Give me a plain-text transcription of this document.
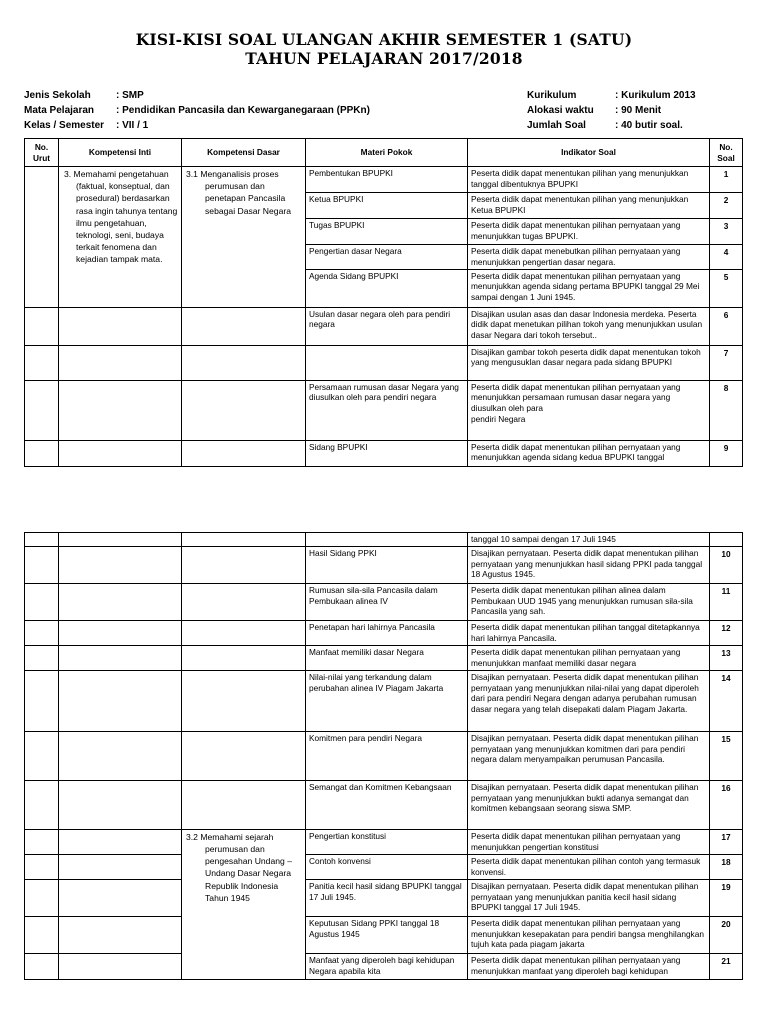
KISI-KISI SOAL ULANGAN AKHIR SEMESTER 1 (SATU)
TAHUN PELAJARAN 2017/2018
Jenis Sekolah	: SMP
Mata Pelajaran	: Pendidikan Pancasila dan Kewarganegaraan (PPKn)
Kelas / Semester	: VII / 1
Kurikulum	: Kurikulum 2013
Alokasi waktu	: 90 Menit
Jumlah Soal	: 40 butir soal.
No.
Urut	Kompetensi Inti	Kompetensi Dasar	Materi Pokok	Indikator Soal	No.
Soal

	3. Memahami pengetahuan (faktual, konseptual, dan prosedural) berdasarkan rasa ingin tahunya tentang ilmu pengetahuan, teknologi, seni, budaya terkait fenomena dan kejadian tampak mata.	3.1 Menganalisis proses perumusan dan penetapan Pancasila sebagai Dasar Negara	Pembentukan BPUPKI	Peserta didik dapat menentukan pilihan yang menunjukkan tanggal dibentuknya BPUPKI	1
			Ketua BPUPKI	Peserta didik dapat menentukan pilihan yang menunjukkan Ketua BPUPKI	2
			Tugas BPUPKI	Peserta didik dapat menentukan pilihan pernyataan yang menunjukkan tugas BPUPKI.	3
			Pengertian dasar Negara	Peserta didik dapat menebutkan pilihan pernyataan yang menunjukkan pengertian dasar negara.	4
			Agenda Sidang BPUPKI	Peserta didik dapat menentukan pilihan pernyataan yang menunjukkan agenda sidang pertama BPUPKI tanggal 29 Mei sampai dengan 1 Juni 1945.	5
			Usulan dasar negara oleh para pendiri negara	Disajikan usulan asas dan dasar Indonesia merdeka. Peserta didik dapat menetukan pilihan tokoh yang menunjukkan usulan dasar Negara dari tokoh tersebut..	6
				Disajikan gambar tokoh peserta didik dapat menentukan tokoh yang mengusuklan dasar negara pada sidang BPUPKI	7
			Persamaan rumusan dasar Negara yang diusulkan oleh para pendiri negara	Peserta didik dapat menentukan pilihan pernyataan yang menunjukkan persamaan rumusan dasar negara yang diusulkan oleh para
pendiri Negara	8
			Sidang BPUPKI	Peserta didik dapat menentukan pilihan pernyataan yang menunjukkan agenda sidang kedua BPUPKI tanggal	9
				tanggal 10 sampai dengan 17 Juli 1945	
			Hasil Sidang PPKI	Disajikan pernyataan. Peserta didik dapat menentukan pilihan pernyataan yang menunjukkan hasil sidang PPKI pada tanggal 18 Agustus 1945.	10
			Rumusan sila-sila Pancasila dalam Pembukaan alinea IV	Peserta didik dapat menentukan pilihan alinea dalam Pembukaan UUD 1945 yang menunjukkan rumusan sila-sila Pancasila yang sah.	11
			Penetapan hari lahirnya Pancasila	Peserta didik dapat menentukan pilihan tanggal ditetapkannya hari lahirnya Pancasila.	12
			Manfaat memiliki dasar Negara	Peserta didik dapat menentukan pilihan pernyataan yang menunjukkan manfaat memiliki dasar negara	13
			Nilai-nilai yang terkandung dalam perubahan alinea IV Piagam Jakarta	Disajikan pernyataan. Peserta didik dapat menentukan pilihan pernyataan yang menunjukkan nilai-nilai yang dapat diperoleh dari para pendiri Negara dengan adanya perubahan rumusan dasar negara yang telah disepakati dalam Piagam Jakarta.	14
			Komitmen para pendiri Negara	Disajikan pernyataan. Peserta didik dapat menentukan pilihan pernyataan yang menunjukkan komitmen dari para pendiri negara dalam menyampaikan perumusan Pancasila.	15
			Semangat dan Komitmen Kebangsaan	Disajikan pernyataan. Peserta didik dapat menentukan pilihan pernyataan yang menunjukkan bukti adanya semangat dan komitmen kebangsaan seorang siswa SMP.	16

		3.2 Memahami sejarah perumusan dan pengesahan Undang – Undang Dasar Negara Republik Indonesia Tahun 1945	Pengertian konstitusi	Peserta didik dapat menentukan pilihan pernyataan yang menunjukkan pengertian konstitusi	17
			Contoh konvensi	Peserta didik dapat menentukan pilihan contoh yang termasuk konvensi.	18
			Panitia kecil hasil sidang BPUPKI tanggal 17 Juli 1945.	Disajikan pernyataan. Peserta didik dapat menentukan pilihan pernyataan yang menunjukkan panitia kecil hasil sidang BPUPKI tanggal 17 Juli 1945.	19
			Keputusan Sidang PPKI tanggal 18 Agustus 1945	Peserta didik dapat menentukan pilihan pernyataan yang menunjukkan kesepakatan para pendiri bangsa menghilangkan tujuh kata pada piagam jakarta	20
			Manfaat yang diperoleh bagi kehidupan Negara apabila kita	Peserta didik dapat menentukan pilihan pernyataan yang menunjukkan manfaat yang diperoleh bagi kehidupan	21
